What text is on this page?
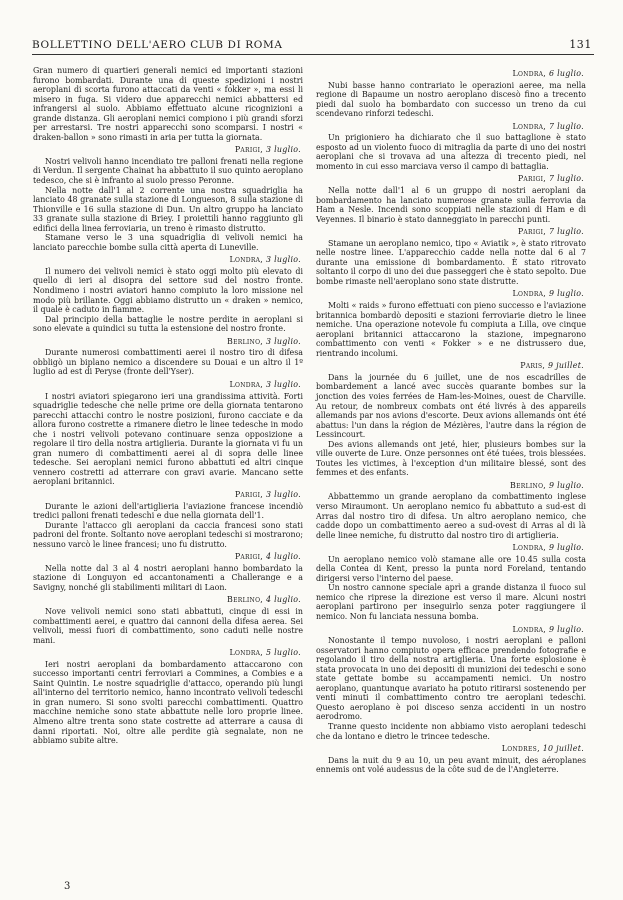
BOLLETTINO DELL'AERO CLUB DI ROMA	131

Gran numero di quartieri generali nemici ed importanti stazioni furono bombardati. Durante una di queste spedizioni i nostri aeroplani di scorta furono attaccati da venti « fokker », ma essi li misero in fuga. Si videro due apparecchi nemici abbattersi ed infrangersi al suolo. Abbiamo effettuato alcune ricognizioni a grande distanza. Gli aeroplani nemici compiono i più grandi sforzi per arrestarsi. Tre nostri apparecchi sono scomparsi. I nostri « draken-ballon » sono rimasti in aria per tutta la giornata.

Parigi, 3 luglio.

Nostri velivoli hanno incendiato tre palloni frenati nella regione di Verdun. Il sergente Chainat ha abbattuto il suo quinto aeroplano tedesco, che si è infranto al suolo presso Peronne.

Nella notte dall'1 al 2 corrente una nostra squadriglia ha lanciato 48 granate sulla stazione di Longueson, 8 sulla stazione di Thionville e 16 sulla stazione di Dun. Un altro gruppo ha lanciato 33 granate sulla stazione di Briey. I proiettili hanno raggiunto gli edifici della linea ferroviaria, un treno è rimasto distrutto.

Stamane verso le 3 una squadriglia di velivoli nemici ha lanciato parecchie bombe sulla città aperta di Luneville.

Londra, 3 luglio.

Il numero dei velivoli nemici è stato oggi molto più elevato di quello di ieri al disopra del settore sud del nostro fronte. Nondimeno i nostri aviatori hanno compiuto la loro missione nel modo più brillante. Oggi abbiamo distrutto un « draken » nemico, il quale è caduto in fiamme.

Dal principio della battaglie le nostre perdite in aeroplani si sono elevate a quindici su tutta la estensione del nostro fronte.

Berlino, 3 luglio.

Durante numerosi combattimenti aerei il nostro tiro di difesa obbligò un biplano nemico a discendere su Douai e un altro il 1º luglio ad est di Peryse (fronte dell'Yser).

Londra, 3 luglio.

I nostri aviatori spiegarono ieri una grandissima attività. Forti squadriglie tedesche che nelle prime ore della giornata tentarono parecchi attacchi contro le nostre posizioni, furono cacciate e da allora furono costrette a rimanere dietro le linee tedesche in modo che i nostri velivoli potevano continuare senza opposizione a regolare il tiro della nostra artiglieria. Durante la giornata vi fu un gran numero di combattimenti aerei al di sopra delle linee tedesche. Sei aeroplani nemici furono abbattuti ed altri cinque vennero costretti ad atterrare con gravi avarie. Mancano sette aeroplani britannici.

Parigi, 3 luglio.

Durante le azioni dell'artiglieria l'aviazione francese incendiò tredici palloni frenati tedeschi e due nella giornata dell'1.

Durante l'attacco gli aeroplani da caccia francesi sono stati padroni del fronte. Soltanto nove aeroplani tedeschi si mostrarono; nessuno varcò le linee francesi; uno fu distrutto.

Parigi, 4 luglio.

Nella notte dal 3 al 4 nostri aeroplani hanno bombardato la stazione di Longuyon ed accantonamenti a Challerange e a Savigny, nonché gli stabilimenti militari di Laon.

Berlino, 4 luglio.

Nove velivoli nemici sono stati abbattuti, cinque di essi in combattimenti aerei, e quattro dai cannoni della difesa aerea. Sei velivoli, messi fuori di combattimento, sono caduti nelle nostre mani.

Londra, 5 luglio.

Ieri nostri aeroplani da bombardamento attaccarono con successo importanti centri ferroviari a Commines, a Combies e a Saint Quintin. Le nostre squadriglie d'attacco, operando più lungi all'interno del territorio nemico, hanno incontrato velivoli tedeschi in gran numero. Si sono svolti parecchi combattimenti. Quattro macchine nemiche sono state abbattute nelle loro proprie linee. Almeno altre trenta sono state costrette ad atterrare a causa di danni riportati. Noi, oltre alle perdite già segnalate, non ne abbiamo subite altre.

Londra, 6 luglio.

Nubi basse hanno contrariato le operazioni aeree, ma nella regione di Bapaume un nostro aeroplano discesò fino a trecento piedi dal suolo ha bombardato con successo un treno da cui scendevano rinforzi tedeschi.

Londra, 7 luglio.

Un prigioniero ha dichiarato che il suo battaglione è stato esposto ad un violento fuoco di mitraglia da parte di uno dei nostri aeroplani che si trovava ad una altezza di trecento piedi, nel momento in cui esso marciava verso il campo di battaglia.

Parigi, 7 luglio.

Nella notte dall'1 al 6 un gruppo di nostri aeroplani da bombardamento ha lanciato numerose granate sulla ferrovia da Ham a Nesle. Incendi sono scoppiati nelle stazioni di Ham e di Veyennes. Il binario è stato danneggiato in parecchi punti.

Parigi, 7 luglio.

Stamane un aeroplano nemico, tipo « Aviatik », è stato ritrovato nelle nostre linee. L'apparecchio cadde nella notte dal 6 al 7 durante una emissione di bombardamento. È stato ritrovato soltanto il corpo di uno dei due passeggeri che è stato sepolto. Due bombe rimaste nell'aeroplano sono state distrutte.

Londra, 9 luglio.

Molti « raids » furono effettuati con pieno successo e l'aviazione britannica bombardò depositi e stazioni ferroviarie dietro le linee nemiche. Una operazione notevole fu compiuta a Lilla, ove cinque aeroplani britannici attaccarono la stazione, impegnarono combattimento con venti « Fokker » e ne distrussero due, rientrando incolumi.

Paris, 9 juillet.

Dans la journée du 6 juillet, une de nos escadrilles de bombardement a lancé avec succès quarante bombes sur la jonction des voies ferrées de Ham-les-Moines, ouest de Charville. Au retour, de nombreux combats ont été livrés à des appareils allemands par nos avions d'escorte. Deux avions allemands ont été abattus: l'un dans la région de Mézières, l'autre dans la région de Lessincourt.

Des avions allemands ont jeté, hier, plusieurs bombes sur la ville ouverte de Lure. Onze personnes ont été tuées, trois blessées. Toutes les victimes, à l'exception d'un militaire blessé, sont des femmes et des enfants.

Berlino, 9 luglio.

Abbattemmo un grande aeroplano da combattimento inglese verso Miraumont. Un aeroplano nemico fu abbattuto a sud-est di Arras dal nostro tiro di difesa. Un altro aeroplano nemico, che cadde dopo un combattimento aereo a sud-ovest di Arras al di là delle linee nemiche, fu distrutto dal nostro tiro di artiglieria.

Londra, 9 luglio.

Un aeroplano nemico volò stamane alle ore 10.45 sulla costa della Contea di Kent, presso la punta nord Foreland, tentando dirigersi verso l'interno del paese.

Un nostro cannone speciale aprì a grande distanza il fuoco sul nemico che riprese la direzione est verso il mare. Alcuni nostri aeroplani partirono per inseguirlo senza poter raggiungere il nemico. Non fu lanciata nessuna bomba.

Londra, 9 luglio.

Nonostante il tempo nuvoloso, i nostri aeroplani e palloni osservatori hanno compiuto opera efficace prendendo fotografie e regolando il tiro della nostra artiglieria. Una forte esplosione è stata provocata in uno dei depositi di munizioni dei tedeschi e sono state gettate bombe su accampamenti nemici. Un nostro aeroplano, quantunque avariato ha potuto ritirarsi sostenendo per venti minuti il combattimento contro tre aeroplani tedeschi. Questo aeroplano è poi disceso senza accidenti in un nostro aerodromo.

Tranne questo incidente non abbiamo visto aeroplani tedeschi che da lontano e dietro le trincee tedesche.

Londres, 10 juillet.

Dans la nuit du 9 au 10, un peu avant minuit, des aéroplanes ennemis ont volé audessus de la côte sud de de l'Angleterre.

3
